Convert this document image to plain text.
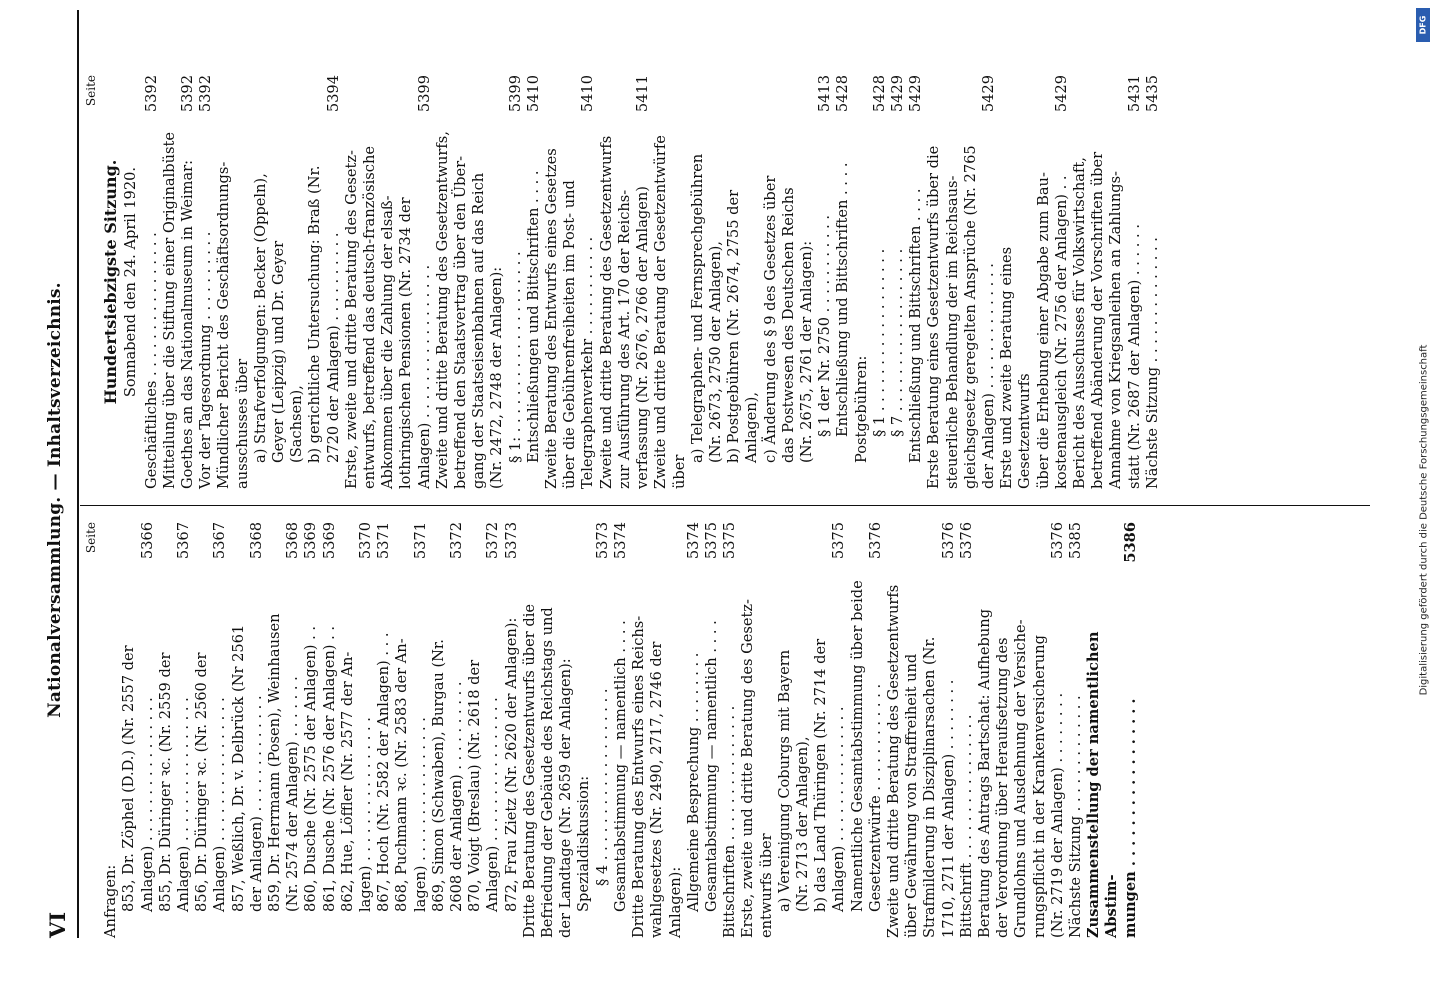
VI
Nationalversammlung. — Inhaltsverzeichnis. Seite
Anfragen: 853, Dr. Zöphel (D.D.) (Nr. 2557 der
Anlagen) . . . . . . . . . . . . . . . .
5366
855, Dr. Düringer ꝛc. (Nr. 2559 der
Anlagen) . . . . . . . . . . . . . . . .
5367
856, Dr. Düringer ꝛc. (Nr. 2560 der
Anlagen) . . . . . . . . . . . . . . . .
5367
857, Weßlich, Dr. v. Delbrück (Nr 2561
der Anlagen) . . . . . . . . . . . . .
5368
859, Dr. Herrmann (Posen), Weinhausen
(Nr. 2574 der Anlagen) . . . . . . .
5368
860, Dusche (Nr. 2575 der Anlagen) . .
5369
861, Dusche (Nr. 2576 der Anlagen) . .
5369
862, Hue, Löffler (Nr. 2577 der An-
lagen) . . . . . . . . . . . . . . . .
5370
867, Hoch (Nr. 2582 der Anlagen) . . .
5371
868, Puchmann ꝛc. (Nr. 2583 der An-
lagen) . . . . . . . . . . . . . . . .
5371
869, Simon (Schwaben), Burgau (Nr.
2608 der Anlagen) . . . . . . . . . .
5372
870, Voigt (Breslau) (Nr. 2618 der
Anlagen) . . . . . . . . . . . . . . . .
5372
872, Frau Zietz (Nr. 2620 der Anlagen):
5373
Dritte Beratung des Gesetzentwurfs über die
Befriedung der Gebäude des Reichstags und
der Landtage (Nr. 2659 der Anlagen):
Spezialdiskussion: § 4 . . . . . . . . . . . . . . . . . . .
5373
Gesamtabstimmung — namentlich . . . .
5374
Dritte Beratung des Entwurfs eines Reichs-
wahlgesetzes (Nr. 2490, 2717, 2746 der
Anlagen): Allgemeine Besprechung . . . . . . . .
5374
Gesamtabstimmung — namentlich . . . .
5375
Bittschriften . . . . . . . . . . . . . . .
5375
Erste, zweite und dritte Beratung des Gesetz-
entwurfs über
a) Vereinigung Coburgs mit Bayern
(Nr. 2713 der Anlagen),
b) das Land Thüringen (Nr. 2714 der
Anlagen) . . . . . . . . . . . . . . .
5375
Namentliche Gesamtabstimmung über beide
Gesetzentwürfe . . . . . . . . . . . .
5376
Zweite und dritte Beratung des Gesetzentwurfs
über Gewährung von Straffreiheit und
Strafmilderung in Disziplinarsachen (Nr.
1710, 2711 der Anlagen) . . . . . . . .
5376
Bittschrift . . . . . . . . . . . . . . . .
5376
Beratung des Antrags Bartschat: Aufhebung
der Verordnung über Heraufsetzung des
Grundlohns und Ausdehnung der Versiche-
rungspflicht in der Krankenversicherung
(Nr. 2719 der Anlagen) . . . . . . . .
5376
Nächste Sitzung . . . . . . . . . . . . .
5385
Zusammenstellung der namentlichen Abstim-
mungen . . . . . . . . . . . . . . . . .
5386
Seite
Hundertsiebzigste Sitzung. Sonnabend den 24. April 1920. Geschäftliches . . . . . . . . . . . . . . . .
5392
Mitteilung über die Stiftung einer Originalbüste
Goethes an das Nationalmuseum in Weimar:
5392
Vor der Tagesordnung . . . . . . . . . .
5392
Mündlicher Bericht des Geschäftsordnungs-
ausschusses über
a) Strafverfolgungen: Becker (Oppeln),
Geyer (Leipzig) und Dr. Geyer
(Sachsen), b) gerichtliche Untersuchung: Braß (Nr.
2720 der Anlagen) . . . . . . . . . .
5394
Erste, zweite und dritte Beratung des Gesetz-
entwurfs, betreffend das deutsch-französische
Abkommen über die Zahlung der elsaß-
lothringischen Pensionen (Nr. 2734 der
Anlagen) . . . . . . . . . . . . . . . . .
5399
Zweite und dritte Beratung des Gesetzentwurfs,
betreffend den Staatsvertrag über den Über-
gang der Staatseisenbahnen auf das Reich
(Nr. 2472, 2748 der Anlagen): § 1: . . . . . . . . . . . . . . . . . . . .
5399
Entschließungen und Bittschriften . . . .
5410
Zweite Beratung des Entwurfs eines Gesetzes
über die Gebührenfreiheiten im Post- und
Telegraphenverkehr . . . . . . . . . . .
5410
Zweite und dritte Beratung des Gesetzentwurfs
zur Ausführung des Art. 170 der Reichs-
verfassung (Nr. 2676, 2766 der Anlagen)
5411
Zweite und dritte Beratung der Gesetzentwürfe
über a) Telegraphen- und Fernsprechgebühren
(Nr. 2673, 2750 der Anlagen),
b) Postgebühren (Nr. 2674, 2755 der
Anlagen), c) Änderung des § 9 des Gesetzes über
das Postwesen des Deutschen Reichs
(Nr. 2675, 2761 der Anlagen): § 1 der Nr. 2750 . . . . . . . . . . .
5413
Entschließung und Bittschriften . . . .
5428
Postgebühren: § 1 . . . . . . . . . . . . . . . . . .
5428
§ 7 . . . . . . . . . . . . . . . . . .
5429
Entschließung und Bittschriften . . . .
5429
Erste Beratung eines Gesetzentwurfs über die
steuerliche Behandlung der im Reichsaus-
gleichsgesetz geregelten Ansprüche (Nr. 2765
der Anlagen) . . . . . . . . . . . . . .
5429
Erste und zweite Beratung eines Gesetzentwurfs
über die Erhebung einer Abgabe zum Bau-
kostenausgleich (Nr. 2756 der Anlagen) . .
5429
Bericht des Ausschusses für Volkswirtschaft,
betreffend Abänderung der Vorschriften über
Annahme von Kriegsanleihen an Zahlungs-
statt (Nr. 2687 der Anlagen) . . . . . .
5431
Nächste Sitzung . . . . . . . . . . . . . .
5435
DFG
Digitalisierung gefördert durch die Deutsche Forschungsgemeinschaft
